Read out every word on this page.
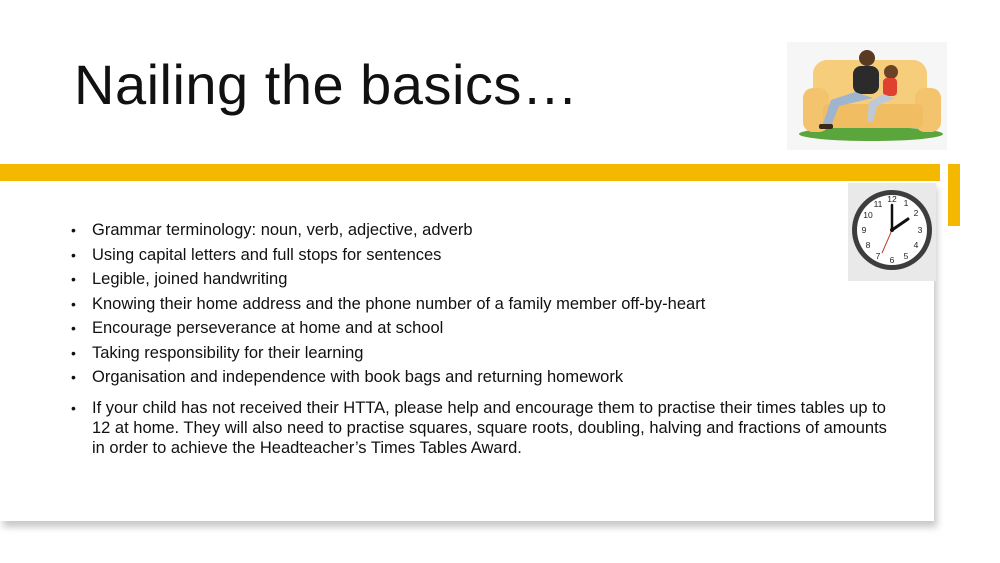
Nailing the basics…
12 1
2
3
4
5
6
7
8
9
10
11
• Grammar terminology: noun, verb, adjective, adverb
• Using capital letters and full stops for sentences
• Legible, joined handwriting
• Knowing their home address and the phone number of a family member off-by-heart
• Encourage perseverance at home and at school
• Taking responsibility for their learning
• Organisation and independence with book bags and returning homework
• If your child has not received their HTTA, please help and encourage them to practise their times tables up to 12 at home. They will also need to practise squares, square roots, doubling, halving and fractions of amounts in order to achieve the Headteacher’s Times Tables Award.
